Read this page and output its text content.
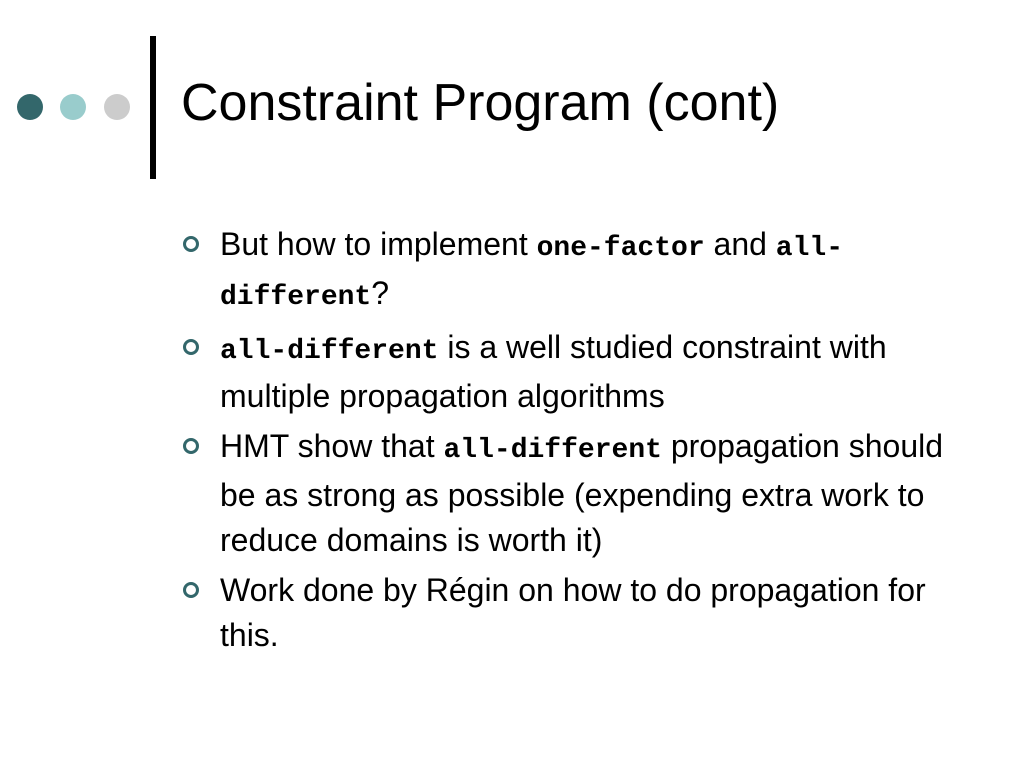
Constraint Program (cont)
But how to implement one-factor and all-different?
all-different is a well studied constraint with multiple propagation algorithms
HMT show that all-different propagation should be as strong as possible (expending extra work to reduce domains is worth it)
Work done by Régin on how to do propagation for this.
